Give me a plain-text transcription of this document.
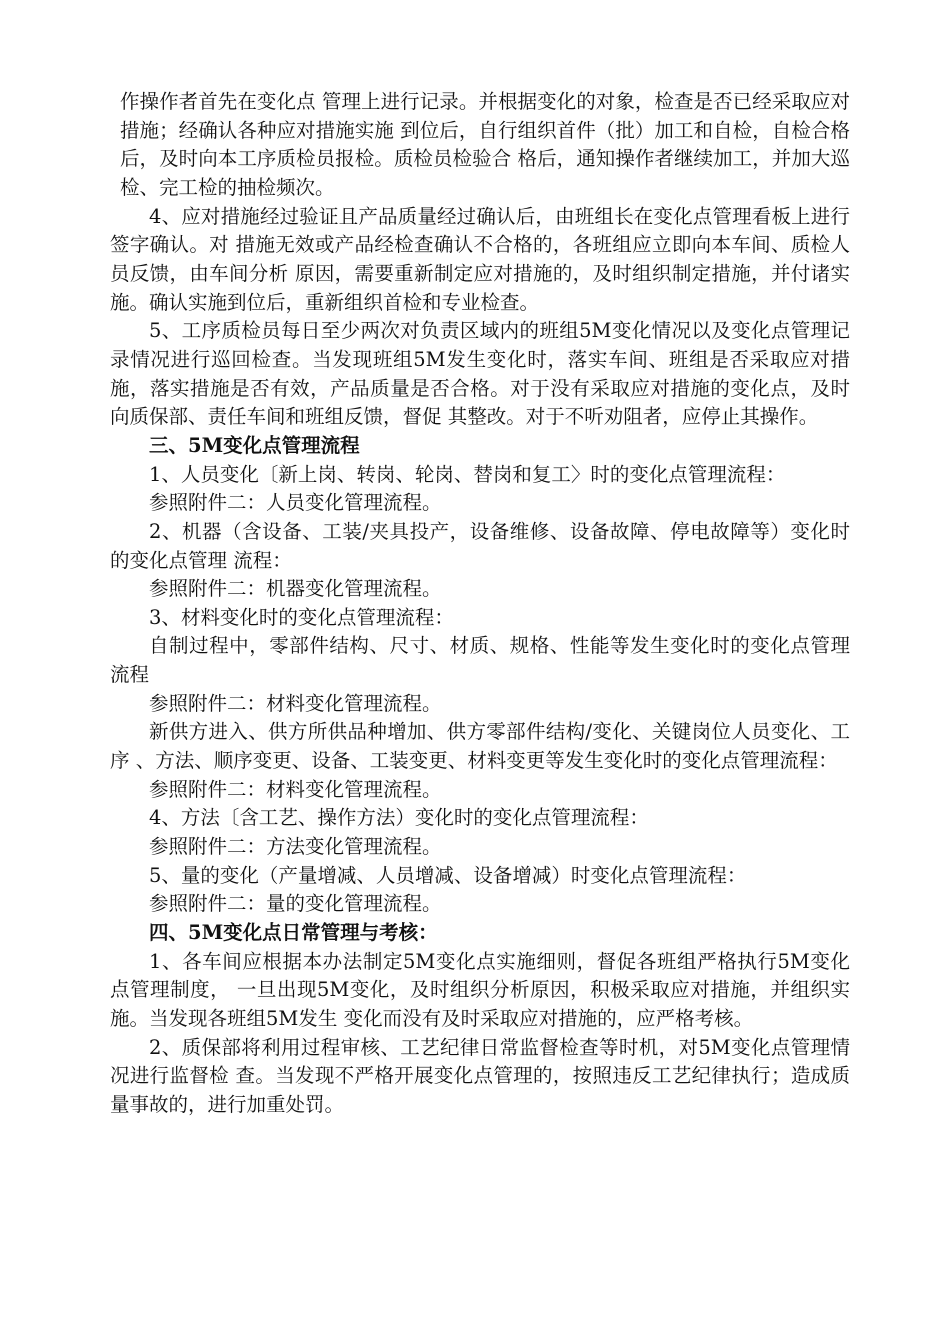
作操作者首先在变化点 管理上进行记录。并根据变化的对象，检查是否已经采取应对措施；经确认各种应对措施实施 到位后，自行组织首件（批）加工和自检，自检合格后，及时向本工序质检员报检。质检员检验合 格后，通知操作者继续加工，并加大巡检、完工检的抽检频次。

4、应对措施经过验证且产品质量经过确认后，由班组长在变化点管理看板上进行签字确认。对 措施无效或产品经检查确认不合格的，各班组应立即向本车间、质检人员反馈，由车间分析 原因，需要重新制定应对措施的，及时组织制定措施，并付诸实施。确认实施到位后，重新组织首检和专业检查。

5、工序质检员每日至少两次对负责区域内的班组5M变化情况以及变化点管理记录情况进行巡回检查。当发现班组5M发生变化时，落实车间、班组是否采取应对措施，落实措施是否有效，产品质量是否合格。对于没有采取应对措施的变化点，及时向质保部、责任车间和班组反馈，督促 其整改。对于不听劝阻者，应停止其操作。

三、5M变化点管理流程

1、人员变化〔新上岗、转岗、轮岗、替岗和复工〉时的变化点管理流程：

参照附件二：人员变化管理流程。

2、机器（含设备、工装/夹具投产，设备维修、设备故障、停电故障等）变化时的变化点管理 流程：

参照附件二：机器变化管理流程。

3、材料变化时的变化点管理流程：

自制过程中，零部件结构、尺寸、材质、规格、性能等发生变化时的变化点管理流程

参照附件二：材料变化管理流程。

新供方进入、供方所供品种增加、供方零部件结构/变化、关键岗位人员变化、工序 、方法、顺序变更、设备、工装变更、材料变更等发生变化时的变化点管理流程：

参照附件二：材料变化管理流程。

4、方法〔含工艺、操作方法）变化时的变化点管理流程：

参照附件二：方法变化管理流程。

5、量的变化（产量增减、人员增减、设备增减）时变化点管理流程：

参照附件二：量的变化管理流程。

四、5M变化点日常管理与考核：

1、各车间应根据本办法制定5M变化点实施细则，督促各班组严格执行5M变化点管理制度， 一旦出现5M变化，及时组织分析原因，积极采取应对措施，并组织实施。当发现各班组5M发生 变化而没有及时采取应对措施的，应严格考核。

2、质保部将利用过程审核、工艺纪律日常监督检查等时机，对5M变化点管理情况进行监督检 查。当发现不严格开展变化点管理的，按照违反工艺纪律执行；造成质量事故的，进行加重处罚。
